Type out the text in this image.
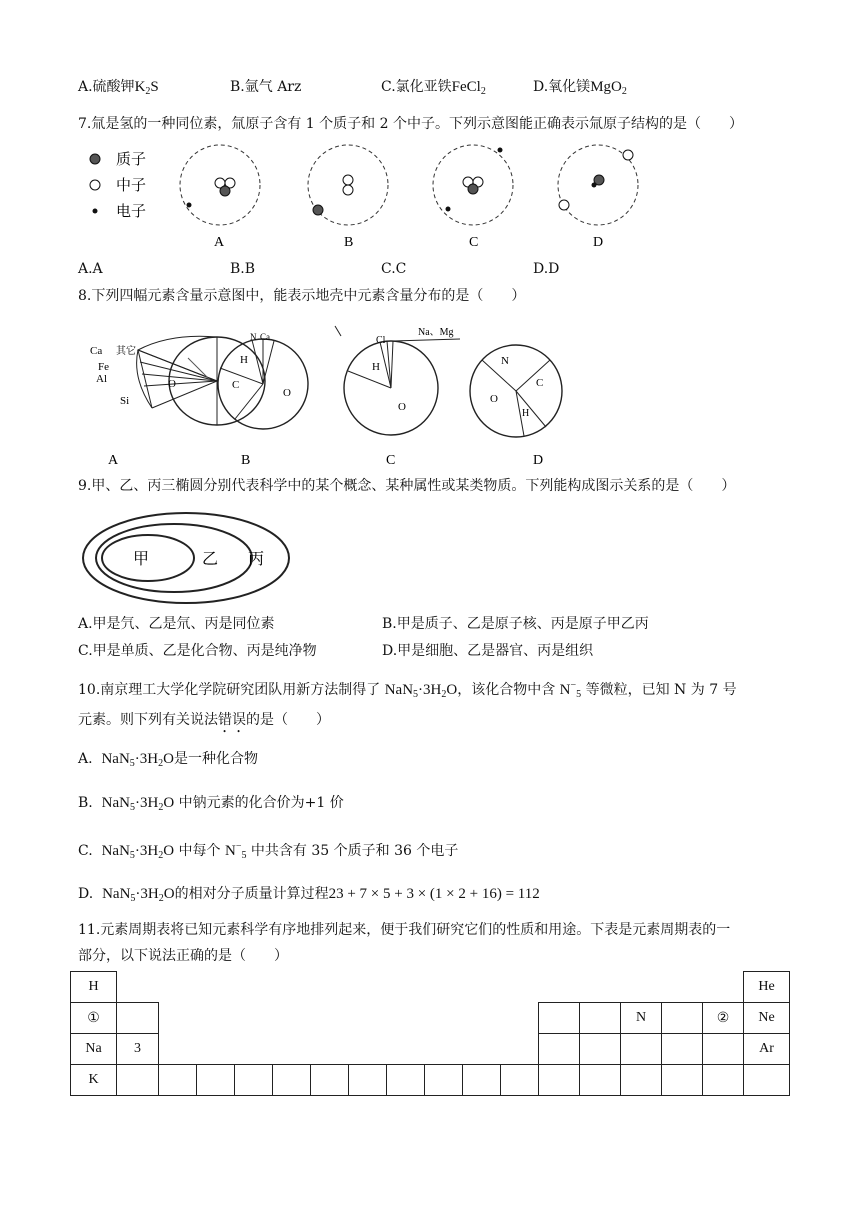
A.硫酸钾$K_2S$	B.氩气 Arz	C.氯化亚铁FeCl$_2$	D.氧化镁MgO$_2$
7.氚是氢的一种同位素，氚原子含有 1 个质子和 2 个中子。下列示意图能正确表示氚原子结构的是（　　）
质子
中子
电子
A	B	C	D
A.A	B.B	C.C	D.D
8.下列四幅元素含量示意图中，能表示地壳中元素含量分布的是（　　）
Ca 其它
Fe
Al
Si
O
N Ca
H
C
O
Cl
Na、Mg
H
O
N
C
O
H
A	B	C	D
9.甲、乙、丙三椭圆分别代表科学中的某个概念、某种属性或某类物质。下列能构成图示关系的是（　　）
甲	乙 丙
A.甲是氕、乙是氘、丙是同位素	B.甲是质子、乙是原子核、丙是原子甲乙丙
C.甲是单质、乙是化合物、丙是纯净物	D.甲是细胞、乙是器官、丙是组织
10.南京理工大学化学院研究团队用新方法制得了 $NaN_5\cdot 3H_2O$，该化合物中含 $N^-_5$ 等微粒，已知 N 为 7 号
元素。则下列有关说法错误的是（　　）
A. $NaN_5\cdot 3H_2O$是一种化合物
B. $NaN_5\cdot 3H_2O$ 中钠元素的化合价为+1 价
C. $NaN_5\cdot 3H_2O$ 中每个 $N^-_5$ 中共含有 35 个质子和 36 个电子
D. $NaN_5\cdot 3H_2O$的相对分子质量计算过程23 + 7 × 5 + 3 × (1 × 2 + 16) = 112
11.元素周期表将已知元素科学有序地排列起来，便于我们研究它们的性质和用途。下表是元素周期表的一
部分，以下说法正确的是（　　）
H																	He
①														N		②	Ne
Na	3																Ar
K																	
